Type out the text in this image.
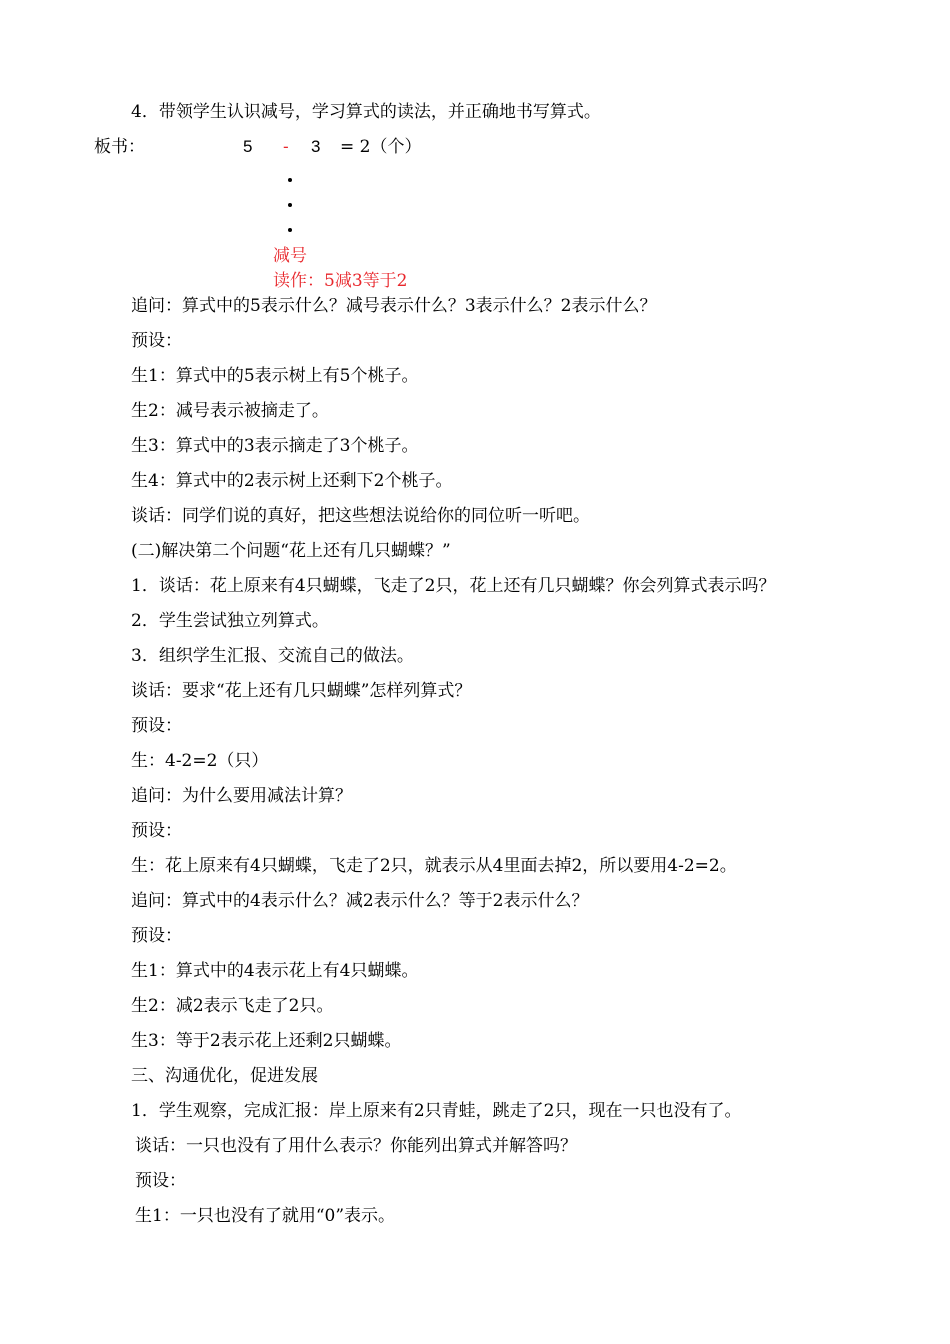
4．带领学生认识减号，学习算式的读法，并正确地书写算式。
板书：	5 - 3 = 2（个）
减号
读作：5减3等于2
追问：算式中的5表示什么？减号表示什么？3表示什么？2表示什么？
预设：
生1：算式中的5表示树上有5个桃子。
生2：减号表示被摘走了。
生3：算式中的3表示摘走了3个桃子。
生4：算式中的2表示树上还剩下2个桃子。
谈话：同学们说的真好，把这些想法说给你的同位听一听吧。
(二)解决第二个问题“花上还有几只蝴蝶？”
1．谈话：花上原来有4只蝴蝶，飞走了2只，花上还有几只蝴蝶？你会列算式表示吗？
2．学生尝试独立列算式。
3．组织学生汇报、交流自己的做法。
谈话：要求“花上还有几只蝴蝶”怎样列算式？
预设：
生：4-2=2（只）
追问：为什么要用减法计算？
预设：
生：花上原来有4只蝴蝶，飞走了2只，就表示从4里面去掉2，所以要用4-2=2。
追问：算式中的4表示什么？减2表示什么？等于2表示什么？
预设：
生1：算式中的4表示花上有4只蝴蝶。
生2：减2表示飞走了2只。
生3：等于2表示花上还剩2只蝴蝶。
三、沟通优化，促进发展
1．学生观察，完成汇报：岸上原来有2只青蛙，跳走了2只，现在一只也没有了。
谈话：一只也没有了用什么表示？你能列出算式并解答吗？
预设：
生1：一只也没有了就用“0”表示。
